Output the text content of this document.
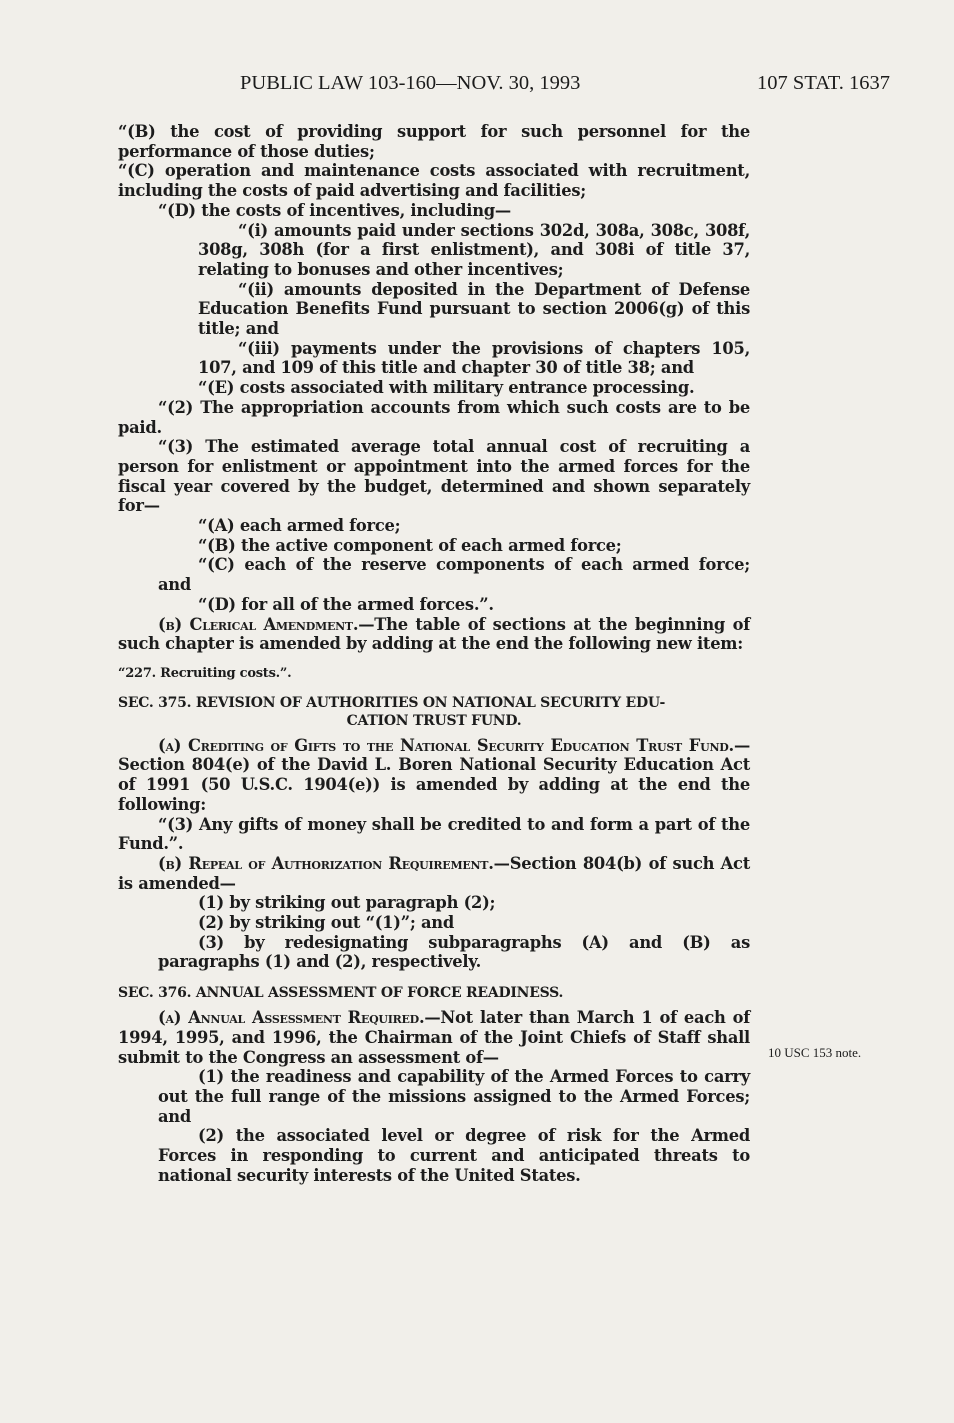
PUBLIC LAW 103-160—NOV. 30, 1993	107 STAT. 1637

“(B) the cost of providing support for such personnel for the performance of those duties;

“(C) operation and maintenance costs associated with recruitment, including the costs of paid advertising and facilities;

“(D) the costs of incentives, including—

“(i) amounts paid under sections 302d, 308a, 308c, 308f, 308g, 308h (for a first enlistment), and 308i of title 37, relating to bonuses and other incentives;

“(ii) amounts deposited in the Department of Defense Education Benefits Fund pursuant to section 2006(g) of this title; and

“(iii) payments under the provisions of chapters 105, 107, and 109 of this title and chapter 30 of title 38; and

“(E) costs associated with military entrance processing.

“(2) The appropriation accounts from which such costs are to be paid.

“(3) The estimated average total annual cost of recruiting a person for enlistment or appointment into the armed forces for the fiscal year covered by the budget, determined and shown separately for—

“(A) each armed force;

“(B) the active component of each armed force;

“(C) each of the reserve components of each armed force; and

“(D) for all of the armed forces.”.

(b) Clerical Amendment.—The table of sections at the beginning of such chapter is amended by adding at the end the following new item:

“227. Recruiting costs.”.

SEC. 375. REVISION OF AUTHORITIES ON NATIONAL SECURITY EDU-
CATION TRUST FUND.

(a) Crediting of Gifts to the National Security Education Trust Fund.—Section 804(e) of the David L. Boren National Security Education Act of 1991 (50 U.S.C. 1904(e)) is amended by adding at the end the following:

“(3) Any gifts of money shall be credited to and form a part of the Fund.”.

(b) Repeal of Authorization Requirement.—Section 804(b) of such Act is amended—

(1) by striking out paragraph (2);

(2) by striking out “(1)”; and

(3) by redesignating subparagraphs (A) and (B) as paragraphs (1) and (2), respectively.

SEC. 376. ANNUAL ASSESSMENT OF FORCE READINESS.

(a) Annual Assessment Required.—Not later than March 1 of each of 1994, 1995, and 1996, the Chairman of the Joint Chiefs of Staff shall submit to the Congress an assessment of—

(1) the readiness and capability of the Armed Forces to carry out the full range of the missions assigned to the Armed Forces; and

(2) the associated level or degree of risk for the Armed Forces in responding to current and anticipated threats to national security interests of the United States.

10 USC 153 note.
